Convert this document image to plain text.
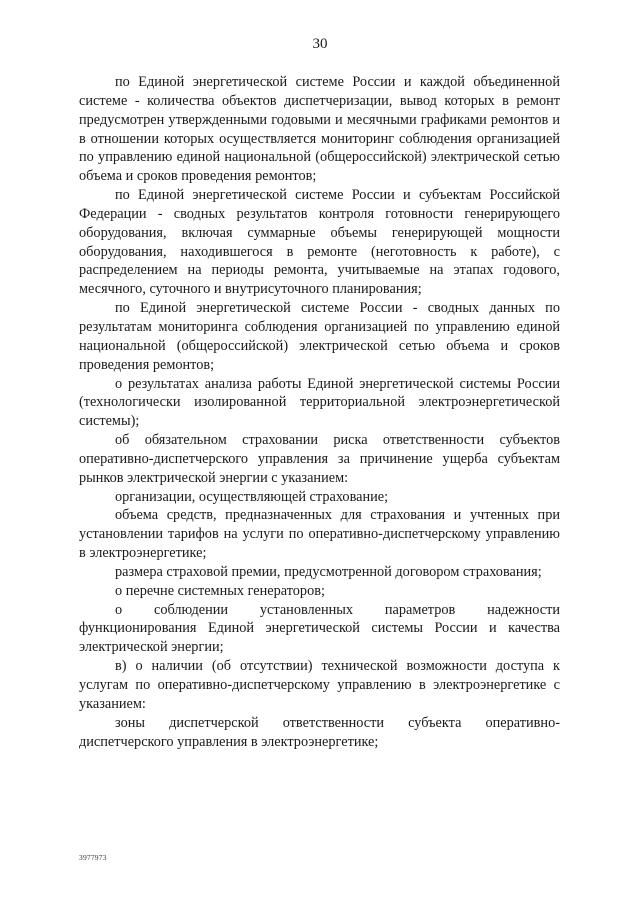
30

по Единой энергетической системе России и каждой объединенной системе - количества объектов диспетчеризации, вывод которых в ремонт предусмотрен утвержденными годовыми и месячными графиками ремонтов и в отношении которых осуществляется мониторинг соблюдения организацией по управлению единой национальной (общероссийской) электрической сетью объема и сроков проведения ремонтов;

по Единой энергетической системе России и субъектам Российской Федерации - сводных результатов контроля готовности генерирующего оборудования, включая суммарные объемы генерирующей мощности оборудования, находившегося в ремонте (неготовность к работе), с распределением на периоды ремонта, учитываемые на этапах годового, месячного, суточного и внутрисуточного планирования;

по Единой энергетической системе России - сводных данных по результатам мониторинга соблюдения организацией по управлению единой национальной (общероссийской) электрической сетью объема и сроков проведения ремонтов;

о результатах анализа работы Единой энергетической системы России (технологически изолированной территориальной электроэнергетической системы);

об обязательном страховании риска ответственности субъектов оперативно-диспетчерского управления за причинение ущерба субъектам рынков электрической энергии с указанием:

организации, осуществляющей страхование;

объема средств, предназначенных для страхования и учтенных при установлении тарифов на услуги по оперативно-диспетчерскому управлению в электроэнергетике;

размера страховой премии, предусмотренной договором страхования;

о перечне системных генераторов;

о соблюдении установленных параметров надежности функционирования Единой энергетической системы России и качества электрической энергии;

в) о наличии (об отсутствии) технической возможности доступа к услугам по оперативно-диспетчерскому управлению в электроэнергетике с указанием:

зоны диспетчерской ответственности субъекта оперативно-диспетчерского управления в электроэнергетике;

3977973
